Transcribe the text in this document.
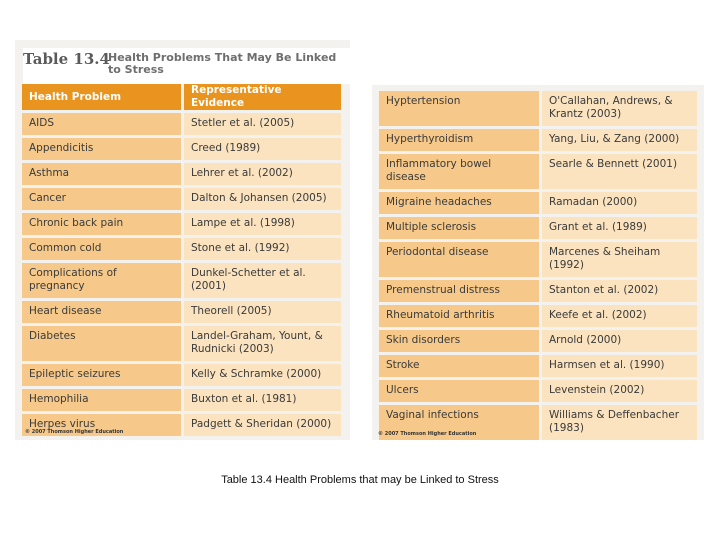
Table 13.4
Health Problems That May Be Linked to Stress
Health Problem	Representative Evidence
AIDS	Stetler et al. (2005)
Appendicitis	Creed (1989)
Asthma	Lehrer et al. (2002)
Cancer	Dalton & Johansen (2005)
Chronic back pain	Lampe et al. (1998)
Common cold	Stone et al. (1992)
Complications of pregnancy	Dunkel-Schetter et al. (2001)
Heart disease	Theorell (2005)
Diabetes	Landel-Graham, Yount, & Rudnicki (2003)
Epileptic seizures	Kelly & Schramke (2000)
Hemophilia	Buxton et al. (1981)
Herpes virus	Padgett & Sheridan (2000)
© 2007 Thomson Higher Education
Hyptertension	O'Callahan, Andrews, & Krantz (2003)
Hyperthyroidism	Yang, Liu, & Zang (2000)
Inflammatory bowel disease	Searle & Bennett (2001)
Migraine headaches	Ramadan (2000)
Multiple sclerosis	Grant et al. (1989)
Periodontal disease	Marcenes & Sheiham (1992)
Premenstrual distress	Stanton et al. (2002)
Rheumatoid arthritis	Keefe et al. (2002)
Skin disorders	Arnold (2000)
Stroke	Harmsen et al. (1990)
Ulcers	Levenstein (2002)
Vaginal infections	Williams & Deffenbacher (1983)
© 2007 Thomson Higher Education
Table 13.4 Health Problems that may be Linked to Stress
